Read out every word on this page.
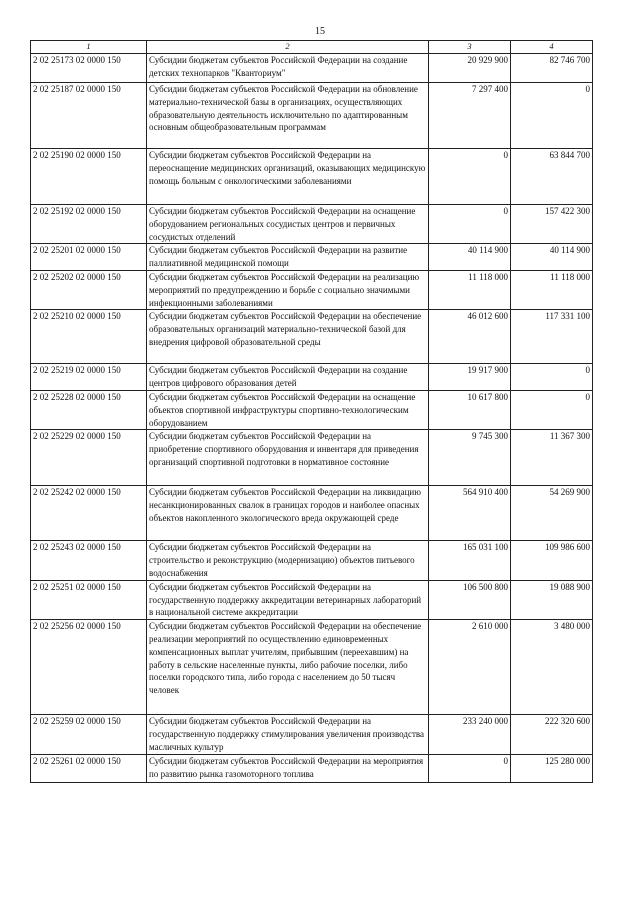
15
1	2	3	4
2 02 25173 02 0000 150	Субсидии бюджетам субъектов Российской Федерации на создание детских технопарков "Кванториум"	20 929 900	82 746 700
2 02 25187 02 0000 150	Субсидии бюджетам субъектов Российской Федерации на обновление материально-технической базы в организациях, осуществляющих образовательную деятельность исключительно по адаптированным основным общеобразовательным программам	7 297 400	0
2 02 25190 02 0000 150	Субсидии бюджетам субъектов Российской Федерации на переоснащение медицинских организаций, оказывающих медицинскую помощь больным с онкологическими заболеваниями	0	63 844 700
2 02 25192 02 0000 150	Субсидии бюджетам субъектов Российской Федерации на оснащение оборудованием региональных сосудистых центров и первичных сосудистых отделений	0	157 422 300
2 02 25201 02 0000 150	Субсидии бюджетам субъектов Российской Федерации на развитие паллиативной медицинской помощи	40 114 900	40 114 900
2 02 25202 02 0000 150	Субсидии бюджетам субъектов Российской Федерации на реализацию мероприятий по предупреждению и борьбе с социально значимыми инфекционными заболеваниями	11 118 000	11 118 000
2 02 25210 02 0000 150	Субсидии бюджетам субъектов Российской Федерации на обеспечение образовательных организаций материально-технической базой для внедрения цифровой образовательной среды	46 012 600	117 331 100
2 02 25219 02 0000 150	Субсидии бюджетам субъектов Российской Федерации на создание центров цифрового образования детей	19 917 900	0
2 02 25228 02 0000 150	Субсидии бюджетам субъектов Российской Федерации на оснащение объектов спортивной инфраструктуры спортивно-технологическим оборудованием	10 617 800	0
2 02 25229 02 0000 150	Субсидии бюджетам субъектов Российской Федерации на приобретение спортивного оборудования и инвентаря для приведения организаций спортивной подготовки в нормативное состояние	9 745 300	11 367 300
2 02 25242 02 0000 150	Субсидии бюджетам субъектов Российской Федерации на ликвидацию несанкционированных свалок в границах городов и наиболее опасных объектов накопленного экологического вреда окружающей среде	564 910 400	54 269 900
2 02 25243 02 0000 150	Субсидии бюджетам субъектов Российской Федерации на строительство и реконструкцию (модернизацию) объектов питьевого водоснабжения	165 031 100	109 986 600
2 02 25251 02 0000 150	Субсидии бюджетам субъектов Российской Федерации на государственную поддержку аккредитации ветеринарных лабораторий в национальной системе аккредитации	106 500 800	19 088 900
2 02 25256 02 0000 150	Субсидии бюджетам субъектов Российской Федерации на обеспечение реализации мероприятий по осуществлению единовременных компенсационных выплат учителям, прибывшим (переехавшим) на работу в сельские населенные пункты, либо рабочие поселки, либо поселки городского типа, либо города с населением до 50 тысяч человек	2 610 000	3 480 000
2 02 25259 02 0000 150	Субсидии бюджетам субъектов Российской Федерации на государственную поддержку стимулирования увеличения производства масличных культур	233 240 000	222 320 600
2 02 25261 02 0000 150	Субсидии бюджетам субъектов Российской Федерации на мероприятия по развитию рынка газомоторного топлива	0	125 280 000
